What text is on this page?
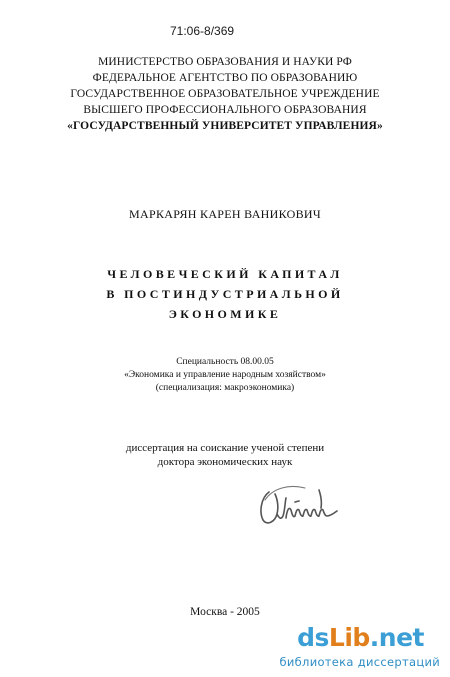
71:06-8/369
МИНИСТЕРСТВО ОБРАЗОВАНИЯ И НАУКИ РФ
ФЕДЕРАЛЬНОЕ АГЕНТСТВО ПО ОБРАЗОВАНИЮ
ГОСУДАРСТВЕННОЕ ОБРАЗОВАТЕЛЬНОЕ УЧРЕЖДЕНИЕ
ВЫСШЕГО ПРОФЕССИОНАЛЬНОГО ОБРАЗОВАНИЯ
«ГОСУДАРСТВЕННЫЙ УНИВЕРСИТЕТ УПРАВЛЕНИЯ»
МАРКАРЯН КАРЕН ВАНИКОВИЧ
ЧЕЛОВЕЧЕСКИЙ КАПИТАЛ
В ПОСТИНДУСТРИАЛЬНОЙ
ЭКОНОМИКЕ
Специальность 08.00.05
«Экономика и управление народным хозяйством»
(специализация: макроэкономика)
диссертация на соискание ученой степени
доктора экономических наук
Москва - 2005
dsLib.net
библиотека диссертаций
